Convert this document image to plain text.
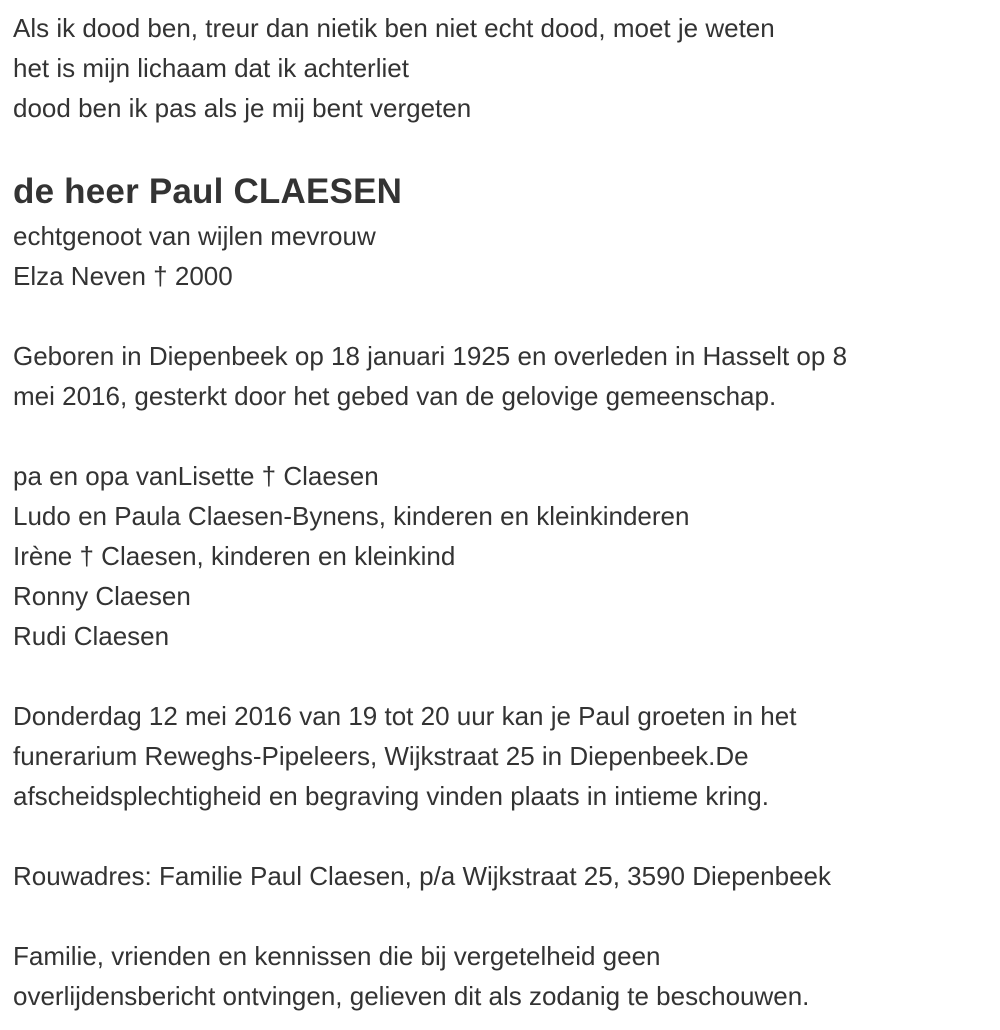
Als ik dood ben, treur dan nietik ben niet echt dood, moet je weten
het is mijn lichaam dat ik achterliet
dood ben ik pas als je mij bent vergeten
de heer Paul CLAESEN
echtgenoot van wijlen mevrouw
Elza Neven † 2000
Geboren in Diepenbeek op 18 januari 1925 en overleden in Hasselt op 8
mei 2016, gesterkt door het gebed van de gelovige gemeenschap.
pa en opa vanLisette † Claesen
Ludo en Paula Claesen-Bynens, kinderen en kleinkinderen
Irène † Claesen, kinderen en kleinkind
Ronny Claesen
Rudi Claesen
Donderdag 12 mei 2016 van 19 tot 20 uur kan je Paul groeten in het
funerarium Reweghs-Pipeleers, Wijkstraat 25 in Diepenbeek.De
afscheidsplechtigheid en begraving vinden plaats in intieme kring.
Rouwadres: Familie Paul Claesen, p/a Wijkstraat 25, 3590 Diepenbeek
Familie, vrienden en kennissen die bij vergetelheid geen
overlijdensbericht ontvingen, gelieven dit als zodanig te beschouwen.
